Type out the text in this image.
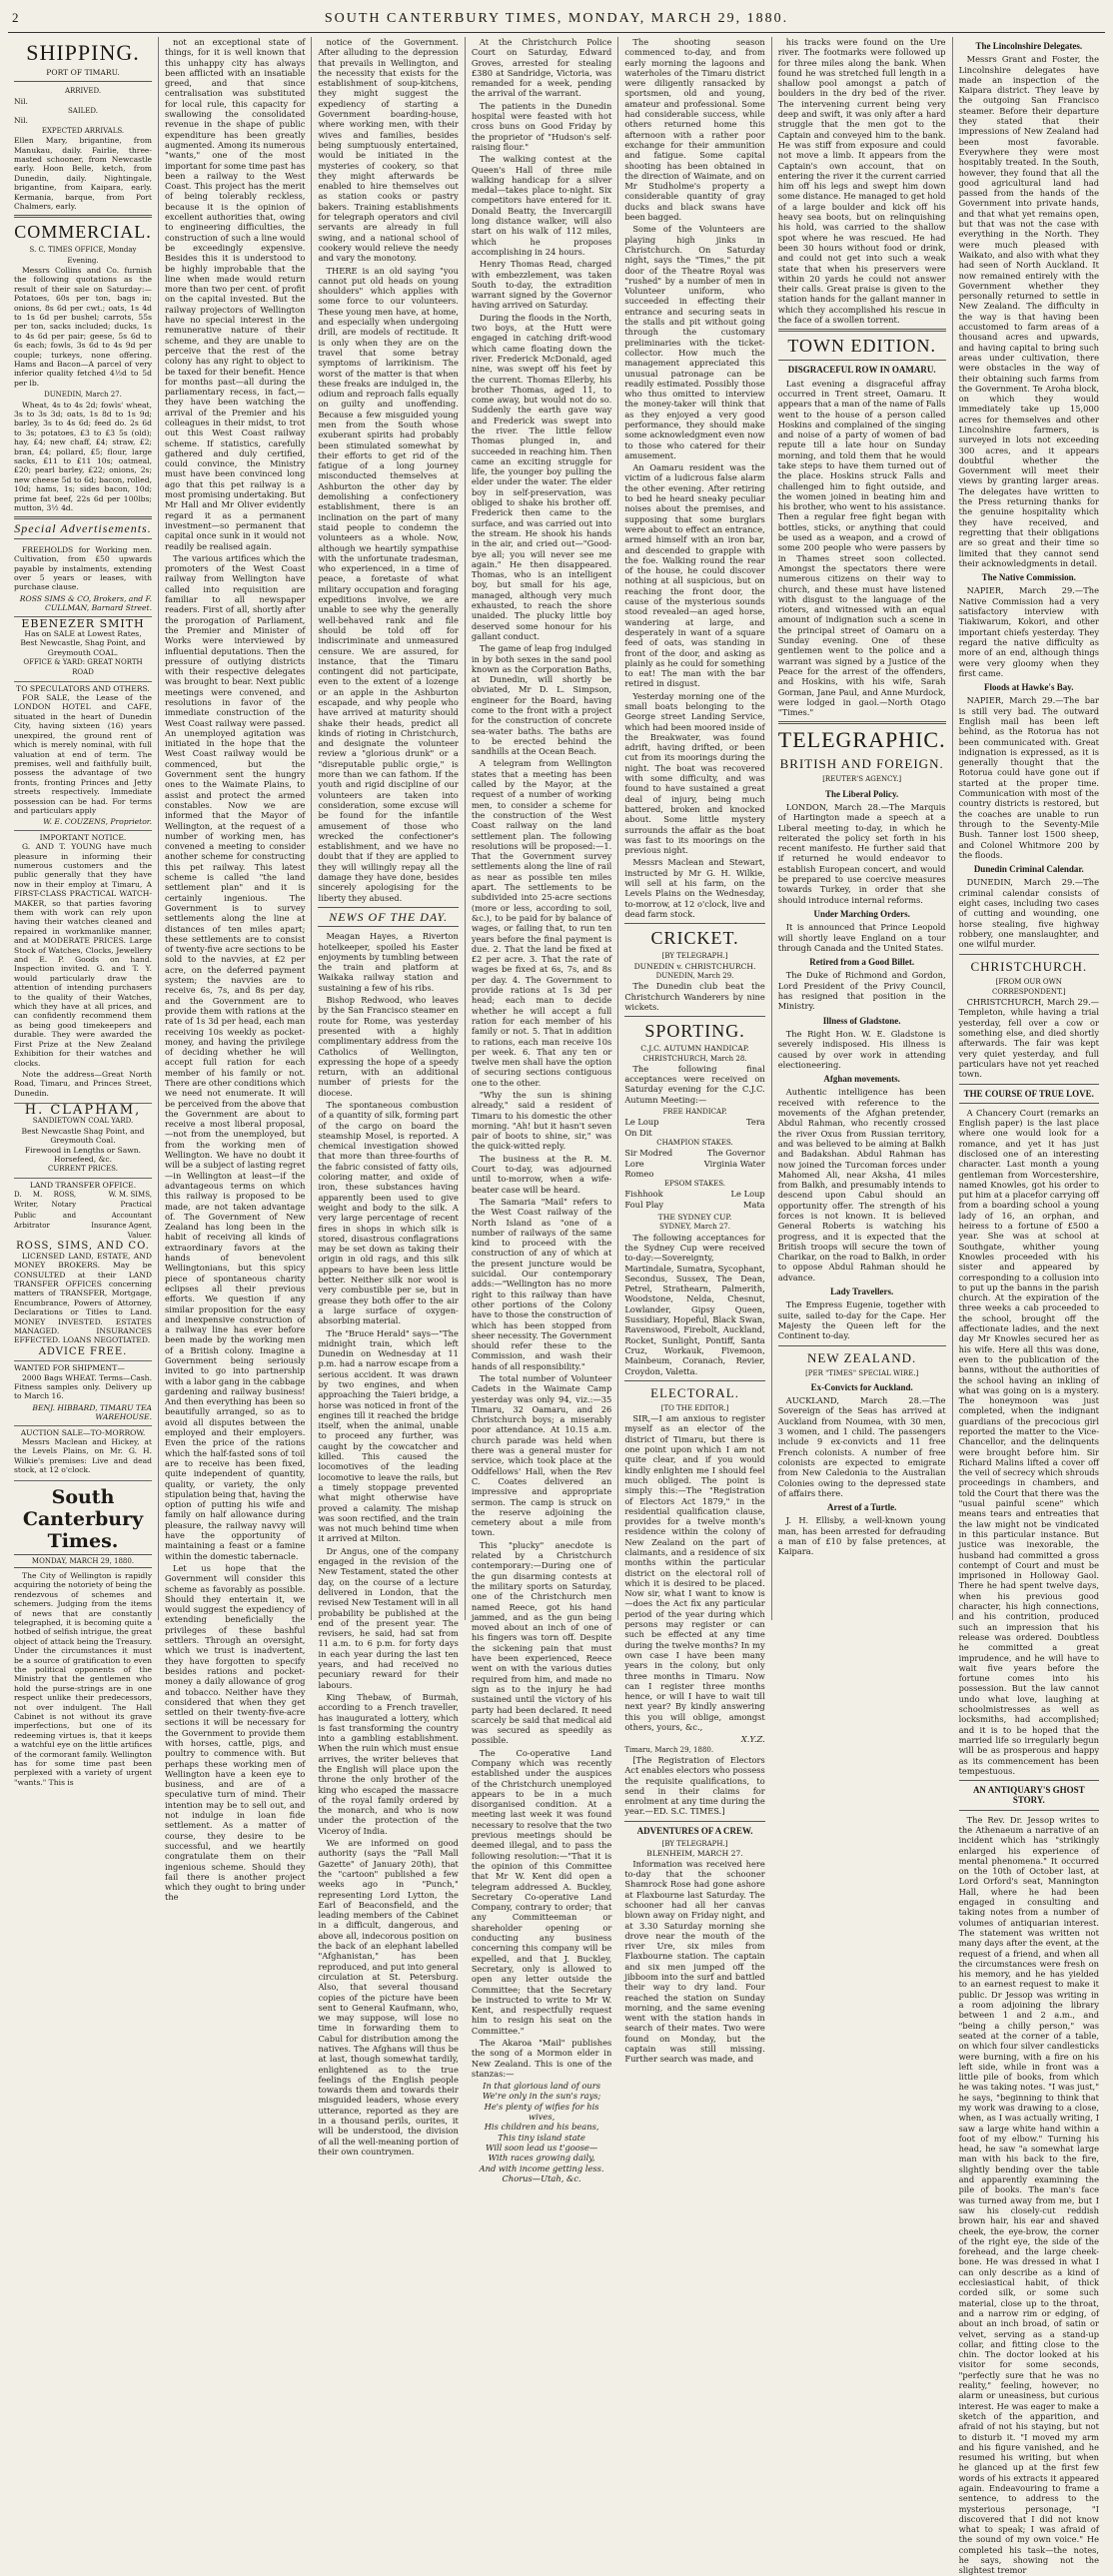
2	SOUTH CANTERBURY TIMES, MONDAY, MARCH 29, 1880.
SHIPPING.
PORT OF TIMARU.
ARRIVED.
Nil.
SAILED.
Nil.
EXPECTED ARRIVALS.

Ellen Mary, brigantine, from Manukau, daily. Fairlie, three-masted schooner, from Newcastle early. Hoon Belle, ketch, from Dunedin, daily. Nightingale, brigantine, from Kaipara, early. Kermania, barque, from Port Chalmers, early.

COMMERCIAL.
S. C. TIMES OFFICE, Monday Evening.

Messrs Collins and Co. furnish the following quotations as the result of their sale on Saturday:—Potatoes, 60s per ton, bags in; onions, 8s 6d per cwt.; oats, 1s 4d to 1s 6d per bushel; carrots, 55s per ton, sacks included; ducks, 1s to 4s 6d per pair; geese, 5s 6d to 6s each; fowls, 3s 6d to 4s 9d per couple; turkeys, none offering. Hams and Bacon—A parcel of very inferior quality fetched 4½d to 5d per lb.

DUNEDIN, March 27.

Wheat, 4s to 4s 2d; fowls' wheat, 3s to 3s 3d; oats, 1s 8d to 1s 9d; barley, 3s to 4s 6d; feed do. 2s 6d to 3s; potatoes, £3 to £3 5s (old); hay, £4; new chaff, £4; straw, £2; bran, £4; pollard, £5; flour, large sacks, £11 to £11 10s; oatmeal, £20; pearl barley, £22; onions, 2s; new cheese 5d to 6d; bacon, rolled, 10d; hams, 1s; sides bacon, 10d; prime fat beef, 22s 6d per 100lbs; mutton, 3½ 4d.

Special Advertisements.

FREEHOLDS for Working men. Cultivation, from £50 upwards payable by instalments, extending over 5 years or leases, with purchase clause.

ROSS SIMS & CO, Brokers, and F. CULLMAN, Barnard Street.
EBENEZER SMITH
Has on SALE at Lowest Rates,
Best Newcastle, Shag Point, and Greymouth COAL.
OFFICE & YARD: GREAT NORTH ROAD
TO SPECULATORS AND OTHERS.

FOR SALE, the Lease of the LONDON HOTEL and CAFE, situated in the heart of Dunedin City, having sixteen (16) years unexpired, the ground rent of which is merely nominal, with full valuation at end of term. The premises, well and faithfully built, possess the advantage of two fronts, fronting Princes and Jetty streets respectively. Immediate possession can be had. For terms and particulars apply

W. E. COUZENS, Proprietor.
IMPORTANT NOTICE.

G. AND T. YOUNG have much pleasure in informing their numerous customers and the public generally that they have now in their employ at Timaru, A FIRST-CLASS PRACTICAL WATCH-MAKER, so that parties favoring them with work can rely upon having their watches cleaned and repaired in workmanlike manner, and at MODERATE PRICES. Large Stock of Watches, Clocks, Jewellery and E. P. Goods on hand. Inspection invited. G. and T. Y. would particularly draw the attention of intending purchasers to the quality of their Watches, which they have at all prices, and can confidently recommend them as being good timekeepers and durable. They were awarded the First Prize at the New Zealand Exhibition for their watches and clocks.

Note the address—Great North Road, Timaru, and Princes Street, Dunedin.

H. CLAPHAM,
SANDIETOWN COAL YARD.
Best Newcastle Shag Point, and Greymouth Coal.
Firewood in Lengths or Sawn.
Horsefeed, &c.
CURRENT PRICES.
LAND TRANSFER OFFICE.
D. M. ROSS, Writer, Notary Public and Arbitrator
W. M. SIMS, Practical Accountant Insurance Agent, Valuer.
ROSS, SIMS, AND CO.

LICENSED LAND, ESTATE, AND MONEY BROKERS. May be CONSULTED at their LAND TRANSFER OFFICES concerning matters of TRANSFER, Mortgage, Encumbrance, Powers of Attorney, Declarations or Titles to Land. MONEY INVESTED. ESTATES MANAGED. INSURANCES EFFECTED. LOANS NEGOTIATED.

ADVICE FREE.
WANTED FOR SHIPMENT—

2000 Bags WHEAT. Terms—Cash. Fitness samples only. Delivery up to March 16.

BENJ. HIBBARD, TIMARU TEA WAREHOUSE.
AUCTION SALE—TO-MORROW.

Messrs Maclean and Hickey, at the Levels Plains, on Mr. G. H. Wilkie's premises: Live and dead stock, at 12 o'clock.

South Canterbury Times.
MONDAY, MARCH 29, 1880.

The City of Wellington is rapidly acquiring the notoriety of being the rendezvous of schemes and schemers. Judging from the items of news that are constantly telegraphed, it is becoming quite a hotbed of selfish intrigue, the great object of attack being the Treasury. Under the circumstances it must be a source of gratification to even the political opponents of the Ministry that the gentlemen who hold the purse-strings are in one respect unlike their predecessors, not over indulgent. The Hall Cabinet is not without its grave imperfections, but one of its redeeming virtues is, that it keeps a watchful eye on the little artifices of the cormorant family. Wellington has for some time past been perplexed with a variety of urgent "wants." This is

not an exceptional state of things, for it is well known that this unhappy city has always been afflicted with an insatiable greed, and that since centralisation was substituted for local rule, this capacity for swallowing the consolidated revenue in the shape of public expenditure has been greatly augmented. Among its numerous "wants," one of the most important for some time past has been a railway to the West Coast. This project has the merit of being tolerably reckless, because it is the opinion of excellent authorities that, owing to engineering difficulties, the construction of such a line would be exceedingly expensive. Besides this it is understood to be highly improbable that the line when made would return more than two per cent. of profit on the capital invested. But the railway projectors of Wellington have no special interest in the remunerative nature of their scheme, and they are unable to perceive that the rest of the colony has any right to object to be taxed for their benefit. Hence for months past—all during the parliamentary recess, in fact,—they have been watching the arrival of the Premier and his colleagues in their midst, to trot out this West Coast railway scheme. If statistics, carefully gathered and duly certified, could convince, the Ministry must have been convinced long ago that this pet railway is a most promising undertaking. But Mr Hall and Mr Oliver evidently regard it as a permanent investment—so permanent that capital once sunk in it would not readily be realised again.

The various artifices which the promoters of the West Coast railway from Wellington have called into requisition are familiar to all newspaper readers. First of all, shortly after the prorogation of Parliament, the Premier and Minister of Works were interviewed by influential deputations. Then the pressure of outlying districts with their respective delegates was brought to bear. Next public meetings were convened, and resolutions in favor of the immediate construction of the West Coast railway were passed. An unemployed agitation was initiated in the hope that the West Coast railway would be commenced, but the Government sent the hungry ones to the Waimate Plains, to assist and protect the armed constables. Now we are informed that the Mayor of Wellington, at the request of a number of working men, has convened a meeting to consider another scheme for constructing this pet railway. This latest scheme is called "the land settlement plan" and it is certainly ingenious. The Government is to survey settlements along the line at distances of ten miles apart; these settlements are to consist of twenty-five acre sections to be sold to the navvies, at £2 per acre, on the deferred payment system; the navvies are to receive 6s, 7s, and 8s per day, and the Government are to provide them with rations at the rate of 1s 3d per head, each man receiving 10s weekly as pocket-money, and having the privilege of deciding whether he will accept full ration for each member of his family or not. There are other conditions which we need not enumerate. It will be perceived from the above that the Government are about to receive a most liberal proposal,—not from the unemployed, but from the working men of Wellington. We have no doubt it will be a subject of lasting regret—in Wellington at least—if the advantageous terms on which this railway is proposed to be made, are not taken advantage of. The Government of New Zealand has long been in the habit of receiving all kinds of extraordinary favors at the hands of benevolent Wellingtonians, but this spicy piece of spontaneous charity eclipses all their previous efforts. We question if any similar proposition for the easy and inexpensive construction of a railway line has ever before been made by the working men of a British colony. Imagine a Government being seriously invited to go into partnership with a labor gang in the cabbage gardening and railway business! And then everything has been so beautifully arranged, so as to avoid all disputes between the employed and their employers. Even the price of the rations which the half-fasted sons of toil are to receive has been fixed, quite independent of quantity, quality, or variety, the only stipulation being that, having the option of putting his wife and family on half allowance during pleasure, the railway navvy will have the opportunity of maintaining a feast or a famine within the domestic tabernacle.

Let us hope that the Government will consider this scheme as favorably as possible. Should they entertain it, we would suggest the expediency of extending beneficially the privileges of these bashful settlers. Through an oversight, which we trust is inadvertent, they have forgotten to specify besides rations and pocket-money a daily allowance of grog and tobacco. Neither have they considered that when they get settled on their twenty-five-acre sections it will be necessary for the Government to provide them with horses, cattle, pigs, and poultry to commence with. But perhaps these working men of Wellington have a keen eye to business, and are of a speculative turn of mind. Their intention may be to sell out, and not indulge in loan fide settlement. As a matter of course, they desire to be successful, and we heartily congratulate them on their ingenious scheme. Should they fail there is another project which they ought to bring under the

notice of the Government. After alluding to the depression that prevails in Wellington, and the necessity that exists for the establishment of soup-kitchens, they might suggest the expediency of starting a Government boarding-house, where working men, with their wives and families, besides being sumptuously entertained, would be initiated in the mysteries of cookery, so that they might afterwards be enabled to hire themselves out as station cooks or pastry bakers. Training establishments for telegraph operators and civil servants are already in full swing, and a national school of cookery would relieve the needy and vary the monotony.

THERE is an old saying "you cannot put old heads on young shoulders" which applies with some force to our volunteers. These young men have, at home, and especially when undergoing drill, are models of rectitude. It is only when they are on the travel that some betray symptoms of larrikinism. The worst of the matter is that when these freaks are indulged in, the odium and reproach falls equally on guilty and unoffending. Because a few misguided young men from the South whose exuberant spirits had probably been stimulated somewhat by their efforts to get rid of the fatigue of a long journey misconducted themselves at Ashburton the other day by demolishing a confectionery establishment, there is an inclination on the part of many staid people to condemn the volunteers as a whole. Now, although we heartily sympathise with the unfortunate tradesman, who experienced, in a time of peace, a foretaste of what military occupation and foraging expeditions involve, we are unable to see why the generally well-behaved rank and file should be told off for indiscriminate and unmeasured censure. We are assured, for instance, that the Timaru contingent did not participate, even to the extent of a lozenge or an apple in the Ashburton escapade, and why people who have arrived at maturity should shake their heads, predict all kinds of rioting in Christchurch, and designate the volunteer review a "glorious drunk" or a "disreputable public orgie," is more than we can fathom. If the youth and rigid discipline of our volunteers are taken into consideration, some excuse will be found for the infantile amusement of those who wrecked the confectioner's establishment, and we have no doubt that if they are applied to they will willingly repay all the damage they have done, besides sincerely apologising for the liberty they abused.

NEWS OF THE DAY.

Meagan Hayes, a Riverton hotelkeeper, spoiled his Easter enjoyments by tumbling between the train and platform at Waikaka railway station and sustaining a few of his ribs.

Bishop Redwood, who leaves by the San Francisco steamer en route for Rome, was yesterday presented with a highly complimentary address from the Catholics of Wellington, expressing the hope of a speedy return, with an additional number of priests for the diocese.

The spontaneous combustion of a quantity of silk, forming part of the cargo on board the steamship Mosel, is reported. A chemical investigation showed that more than three-fourths of the fabric consisted of fatty oils, coloring matter, and oxide of iron, these substances having apparently been used to give weight and body to the silk. A very large percentage of recent fires in shops in which silk is stored, disastrous conflagrations may be set down as taking their origin in old rags, and this silk appears to have been less little better. Neither silk nor wool is very combustible per se, but in grease they both offer to the air a large surface of oxygen-absorbing material.

The "Bruce Herald" says—"The midnight train, which left Dunedin on Wednesday at 11 p.m. had a narrow escape from a serious accident. It was drawn by two engines, and when approaching the Taieri bridge, a horse was noticed in front of the engines till it reached the bridge itself, when the animal, unable to proceed any further, was caught by the cowcatcher and killed. This caused the locomotives of the leading locomotive to leave the rails, but a timely stoppage prevented what might otherwise have proved a calamity. The mishap was soon rectified, and the train was not much behind time when it arrived at Milton.

Dr Angus, one of the company engaged in the revision of the New Testament, stated the other day, on the course of a lecture delivered in London, that the revised New Testament will in all probability be published at the end of the present year. The revisers, he said, had sat from 11 a.m. to 6 p.m. for forty days in each year during the last ten years, and had received no pecuniary reward for their labours.

King Thebaw, of Burmah, according to a French traveller, has inaugurated a lottery, which is fast transforming the country into a gambling establishment. When the ruin which must ensue arrives, the writer believes that the English will place upon the throne the only brother of the king who escaped the massacre of the royal family ordered by the monarch, and who is now under the protection of the Viceroy of India.

We are informed on good authority (says the "Pall Mall Gazette" of January 20th), that the "cartoon" published a few weeks ago in "Punch," representing Lord Lytton, the Earl of Beaconsfield, and the leading members of the Cabinet in a difficult, dangerous, and above all, indecorous position on the back of an elephant labelled "Afghanistan," has been reproduced, and put into general circulation at St. Petersburg. Also, that several thousand copies of the picture have been sent to General Kaufmann, who, we may suppose, will lose no time in forwarding them to Cabul for distribution among the natives. The Afghans will thus be at last, though somewhat tardily, enlightened as to the true feelings of the English people towards them and towards their misguided leaders, whose every utterance, reported as they are in a thousand perils, ourites, it will be understood, the division of all the well-meaning portion of their own countrymen.

At the Christchurch Police Court on Saturday, Edward Groves, arrested for stealing £380 at Sandridge, Victoria, was remanded for a week, pending the arrival of the warrant.

The patients in the Dunedin hospital were feasted with hot cross buns on Good Friday by the proprietor of "Hudson's self-raising flour."

The walking contest at the Queen's Hall of three mile walking handicap for a silver medal—takes place to-night. Six competitors have entered for it. Donald Beatty, the Invercargill long distance walker, will also start on his walk of 112 miles, which he proposes accomplishing in 24 hours.

Henry Thomas Read, charged with embezzlement, was taken South to-day, the extradition warrant signed by the Governor having arrived on Saturday.

During the floods in the North, two boys, at the Hutt were engaged in catching drift-wood which came floating down the river. Frederick McDonald, aged nine, was swept off his feet by the current. Thomas Ellerby, his brother Thomas, aged 11, to come away, but would not do so. Suddenly the earth gave way and Frederick was swept into the river. The little fellow Thomas plunged in, and succeeded in reaching him. Then came an exciting struggle for life, the younger boy pulling the elder under the water. The elder boy in self-preservation, was obliged to shake his brother off. Frederick then came to the surface, and was carried out into the stream. He shook his hands in the air, and cried out—"Good-bye all; you will never see me again." He then disappeared. Thomas, who is an intelligent boy, but small for his age, managed, although very much exhausted, to reach the shore unaided. The plucky little boy deserved some honour for his gallant conduct.

The game of leap frog indulged in by both sexes in the sand pool known as the Corporation Baths, at Dunedin, will shortly be obviated, Mr D. L. Simpson, engineer for the Board, having come to the front with a project for the construction of concrete sea-water baths. The baths are to be erected behind the sandhills at the Ocean Beach.

A telegram from Wellington states that a meeting has been called by the Mayor, at the request of a number of working men, to consider a scheme for the construction of the West Coast railway on the land settlement plan. The following resolutions will be proposed:—1. That the Government survey settlements along the line of rail as near as possible ten miles apart. The settlements to be subdivided into 25-acre sections (more or less, according to soil, &c.), to be paid for by balance of wages, or failing that, to run ten years before the final payment is due. 2. That the land be fixed at £2 per acre. 3. That the rate of wages be fixed at 6s, 7s, and 8s per day. 4. The Government to provide rations at 1s 3d per head; each man to decide whether he will accept a full ration for each member of his family or not. 5. That in addition to rations, each man receive 10s per week. 6. That any ten or twelve men shall have the option of securing sections contiguous one to the other.

"Why the sun is shining already," said a resident of Timaru to his domestic the other morning. "Ah! but it hasn't seven pair of boots to shine, sir," was the quick-witted reply.

The business at the R. M. Court to-day, was adjourned until to-morrow, when a wife-beater case will be heard.

The Samaria "Mail" refers to the West Coast railway of the North Island as "one of a number of railways of the same kind to proceed with the construction of any of which at the present juncture would be suicidal. Our contemporary adds:—"Wellington has no more right to this railway than have other portions of the Colony have to those the construction of which has been stopped from sheer necessity. The Government should refer these to the Commission, and wash their hands of all responsibility."

The total number of Volunteer Cadets in the Waimate Camp yesterday was only 94, viz.:—35 Timaru, 32 Oamaru, and 26 Christchurch boys; a miserably poor attendance. At 10.15 a.m. church parade was held when there was a general muster for service, which took place at the Oddfellows' Hall, when the Rev C. Coates delivered an impressive and appropriate sermon. The camp is struck on the reserve adjoining the cemetery about a mile from town.

This "plucky" anecdote is related by a Christchurch contemporary:—During one of the gun disarming contests at the military sports on Saturday, one of the Christchurch men named Reece, got his hand jammed, and as the gun being moved about an inch of one of his fingers was torn off. Despite the sickening pain that must have been experienced, Reece went on with the various duties required from him, and made no sign as to the injury he had sustained until the victory of his party had been declared. It need scarcely be said that medical aid was secured as speedily as possible.

The Co-operative Land Company which was recently established under the auspices of the Christchurch unemployed appears to be in a much disorganised condition. At a meeting last week it was found necessary to resolve that the two previous meetings should be deemed illegal, and to pass the following resolution:—"That it is the opinion of this Committee that Mr W. Kent did open a telegram addressed A. Buckley, Secretary Co-operative Land Company, contrary to order; that any Committeeman or shareholder opening or conducting any business concerning this company will be expelled, and that J. Buckley, Secretary, only is allowed to open any letter outside the Committee; that the Secretary be instructed to write to Mr W. Kent, and respectfully request him to resign his seat on the Committee."

The Akaroa "Mail" publishes the song of a Mormon elder in New Zealand. This is one of the stanzas:—

In that glorious land of ours
We're only in the sun's rays;
He's plenty of wifies for his wives,
His children and his beans,
This tiny island state
Will soon lead us t'goose—
With races growing daily,
And with income getting less.
Chorus—Utah, &c.

The shooting season commenced to-day, and from early morning the lagoons and waterholes of the Timaru district were diligently ransacked by sportsmen, old and young, amateur and professional. Some had considerable success, while others returned home this afternoon with a rather poor exchange for their ammunition and fatigue. Some capital shooting has been obtained in the direction of Waimate, and on Mr Studholme's property a considerable quantity of gray ducks and black swans have been bagged.

Some of the Volunteers are playing high jinks in Christchurch. On Saturday night, says the "Times," the pit door of the Theatre Royal was "rushed" by a number of men in Volunteer uniform, who succeeded in effecting their entrance and securing seats in the stalls and pit without going through the customary preliminaries with the ticket-collector. How much the management appreciated this unusual patronage can be readily estimated. Possibly those who thus omitted to interview the money-taker will think that as they enjoyed a very good performance, they should make some acknowledgment even now to those who catered for their amusement.

An Oamaru resident was the victim of a ludicrous false alarm the other evening. After retiring to bed he heard sneaky peculiar noises about the premises, and supposing that some burglars were about to effect an entrance, armed himself with an iron bar, and descended to grapple with the foe. Walking round the rear of the house, he could discover nothing at all suspicious, but on reaching the front door, the cause of the mysterious sounds stood revealed—an aged horse, wandering at large, and desperately in want of a square feed of oats, was standing in front of the door, and asking as plainly as he could for something to eat! The man with the bar retired in disgust.

Yesterday morning one of the small boats belonging to the George street Landing Service, which had been moored inside of the Breakwater, was found adrift, having drifted, or been cut from its moorings during the night. The boat was recovered with some difficulty, and was found to have sustained a great deal of injury, being much battered, broken and knocked about. Some little mystery surrounds the affair as the boat was fast to its moorings on the previous night.

Messrs Maclean and Stewart, instructed by Mr G. H. Wilkie, will sell at his farm, on the Levels Plains on the Wednesday, to-morrow, at 12 o'clock, live and dead farm stock.

CRICKET.
[BY TELEGRAPH.]
DUNEDIN v. CHRISTCHURCH.
DUNEDIN, March 29.

The Dunedin club beat the Christchurch Wanderers by nine wickets.

SPORTING.
C.J.C. AUTUMN HANDICAP.
CHRISTCHURCH, March 28.

The following final acceptances were received on Saturday evening for the C.J.C. Autumn Meeting:—

FREE HANDICAP.
Le Loup	Tera
On Dit
CHAMPION STAKES.
Sir Modred	The Governor
Lore	Virginia Water
Romeo
EPSOM STAKES.
Fishhook	Le Loup
Foul Play	Mata
THE SYDNEY CUP.
SYDNEY, March 27.

The following acceptances for the Sydney Cup were received to-day:—Sovereignty, Martindale, Sumatra, Sycophant, Secondus, Sussex, The Dean, Petrel, Strathearn, Palmerith, Woodstone, Nelda, Chesnut, Lowlander, Gipsy Queen, Sussidiary, Hopeful, Black Swan, Ravenswood, Firebolt, Auckland, Rocket, Sunlight, Pontiff, Santa Cruz, Workauk, Fivemoon, Mainbeum, Coranach, Revier, Croydon, Valetta.

ELECTORAL.
[TO THE EDITOR.]

SIR,—I am anxious to register myself as an elector of the district of Timaru, but there is one point upon which I am not quite clear, and if you would kindly enlighten me I should feel much obliged. The point is simply this:—The "Registration of Electors Act 1879," in the residential qualification clause, provides for a twelve month's residence within the colony of New Zealand on the part of claimants, and a residence of six months within the particular district on the electoral roll of which it is desired to be placed. Now sir, what I want to know is—does the Act fix any particular period of the year during which persons may register or can such be effected at any time during the twelve months? In my own case I have been many years in the colony, but only three months in Timaru. Now can I register three months hence, or will I have to wait till next year? By kindly answering this you will oblige, amongst others, yours, &c.,

X.Y.Z.
Timaru, March 29, 1880.

[The Registration of Electors Act enables electors who possess the requisite qualifications, to send in their claims for enrolment at any time during the year.—ED. S.C. TIMES.]

ADVENTURES OF A CREW.
[BY TELEGRAPH.]
BLENHEIM, MARCH 27.

Information was received here to-day that the schooner Shamrock Rose had gone ashore at Flaxbourne last Saturday. The schooner had all her canvas blown away on Friday night, and at 3.30 Saturday morning she drove near the mouth of the river Ure, six miles from Flaxbourne station. The captain and six men jumped off the jibboom into the surf and battled their way to dry land. Four reached the station on Sunday morning, and the same evening went with the station hands in search of their mates. Two were found on Monday, but the captain was still missing. Further search was made, and

his tracks were found on the Ure river. The footmarks were followed up for three miles along the bank. When found he was stretched full length in a shallow pool amongst a patch of boulders in the dry bed of the river. The intervening current being very deep and swift, it was only after a hard struggle that the men got to the Captain and conveyed him to the bank. He was stiff from exposure and could not move a limb. It appears from the Captain's own account, that on entering the river it the current carried him off his legs and swept him down some distance. He managed to get hold of a large boulder and kick off his heavy sea boots, but on relinquishing his hold, was carried to the shallow spot where he was rescued. He had been 30 hours without food or drink, and could not get into such a weak state that when his preservers were within 20 yards he could not answer their calls. Great praise is given to the station hands for the gallant manner in which they accomplished his rescue in the face of a swollen torrent.

TOWN EDITION.
DISGRACEFUL ROW IN OAMARU.

Last evening a disgraceful affray occurred in Trent street, Oamaru. It appears that a man of the name of Falls went to the house of a person called Hoskins and complained of the singing and noise of a party of women of bad repute till a late hour on Sunday morning, and told them that he would take steps to have them turned out of the place. Hoskins struck Falls and challenged him to fight outside, and the women joined in beating him and his brother, who went to his assistance. Then a regular free fight began with bottles, sticks, or anything that could be used as a weapon, and a crowd of some 200 people who were passers by in Thames street soon collected. Amongst the spectators there were numerous citizens on their way to church, and these must have listened with disgust to the language of the rioters, and witnessed with an equal amount of indignation such a scene in the principal street of Oamaru on a Sunday evening. One of these gentlemen went to the police and a warrant was signed by a Justice of the Peace for the arrest of the offenders, and Hoskins, with his wife, Sarah Gorman, Jane Paul, and Anne Murdock, were lodged in gaol.—North Otago "Times."

TELEGRAPHIC.
BRITISH AND FOREIGN.
[REUTER'S AGENCY.]
The Liberal Policy.

LONDON, March 28.—The Marquis of Hartington made a speech at a Liberal meeting to-day, in which he reiterated the policy set forth in his recent manifesto. He further said that if returned he would endeavor to establish European concert, and would be prepared to use coercive measures towards Turkey, in order that she should introduce internal reforms.

Under Marching Orders.

It is announced that Prince Leopold will shortly leave England on a tour through Canada and the United States.

Retired from a Good Billet.

The Duke of Richmond and Gordon, Lord President of the Privy Council, has resigned that position in the Ministry.

Illness of Gladstone.

The Right Hon. W. E. Gladstone is severely indisposed. His illness is caused by over work in attending electioneering.

Afghan movements.

Authentic intelligence has been received with reference to the movements of the Afghan pretender, Abdul Rahman, who recently crossed the river Oxus from Russian territory, and was believed to be aiming at Balkh and Badakshan. Abdul Rahman has now joined the Turcoman forces under Mahomed Ali, near Aksha, 41 miles from Balkh, and presumably intends to descend upon Cabul should an opportunity offer. The strength of his forces is not known. It is believed General Roberts is watching his progress, and it is expected that the British troops will secure the town of Charikar, on the road to Balkh, in order to oppose Abdul Rahman should he advance.

Lady Travellers.

The Empress Eugenie, together with suite, sailed to-day for the Cape. Her Majesty the Queen left for the Continent to-day.

NEW ZEALAND.
[PER "TIMES" SPECIAL WIRE.]
Ex-Convicts for Auckland.

AUCKLAND, March 28.—The Sovereign of the Seas has arrived at Auckland from Noumea, with 30 men, 3 women, and 1 child. The passengers include 9 ex-convicts and 11 free French colonists. A number of free colonists are expected to emigrate from New Caledonia to the Australian Colonies owing to the depressed state of affairs there.

Arrest of a Turtle.

J. H. Ellisby, a well-known young man, has been arrested for defrauding a man of £10 by false pretences, at Kaipara.

The Lincolnshire Delegates.

Messrs Grant and Foster, the Lincolnshire delegates have made an inspection of the Kaipara district. They leave by the outgoing San Francisco steamer. Before their departure they stated that their impressions of New Zealand had been most favorable. Everywhere they were most hospitably treated. In the South, however, they found that all the good agricultural land had passed from the hands of the Government into private hands, and that what yet remains open, but that was not the case with everything in the North. They were much pleased with Waikato, and also with what they had seen of North Auckland. It now remained entirely with the Government whether they personally returned to settle in New Zealand. The difficulty in the way is that having been accustomed to farm areas of a thousand acres and upwards, and having capital to bring such areas under cultivation, there were obstacles in the way of their obtaining such farms from the Government. Te Aroha block, on which they would immediately take up 15,000 acres for themselves and other Lincolnshire farmers, is surveyed in lots not exceeding 300 acres, and it appears doubtful whether the Government will meet their views by granting larger areas. The delegates have written to the Press returning thanks for the genuine hospitality which they have received, and regretting that their obligations are so great and their time so limited that they cannot send their acknowledgments in detail.

The Native Commission.

NAPIER, March 29.—The Native Commission had a very satisfactory interview with Tiakiwarum, Kokori, and other important chiefs yesterday. They regard the native difficulty as more of an end, although things were very gloomy when they first came.

Floods at Hawke's Bay.

NAPIER, March 29.—The bar is still very bad. The outward English mail has been left behind, as the Rotorua has not been communicated with. Great indignation is expressed, as it is generally thought that the Rotorua could have gone out if started at the proper time. Communication with most of the country districts is restored, but the coaches are unable to run through to the Seventy-Mile Bush. Tanner lost 1500 sheep, and Colonel Whitmore 200 by the floods.

Dunedin Criminal Calendar.

DUNEDIN, March 29.—The criminal calendar consists of eight cases, including two cases of cutting and wounding, one horse stealing, five highway robbery, one manslaughter, and one wilful murder.

CHRISTCHURCH.
[FROM OUR OWN CORRESPONDENT.]

CHRISTCHURCH, March 29.—Templeton, while having a trial yesterday, fell over a cow or something else, and died shortly afterwards. The fair was kept very quiet yesterday, and full particulars have not yet reached town.

THE COURSE OF TRUE LOVE.

A Chancery Court (remarks an English paper) is the last place where one would look for a romance, and yet it has just disclosed one of an interesting character. Last month a young gentleman from Worcestershire, named Knowles, got his order to put him at a placefor carrying off from a boarding school a young lady of 16, an orphan, and heiress to a fortune of £500 a year. She was at school at Southgate, whither young Knowles proceeded with his sister and appeared by corresponding to a collusion into to put up the banns in the parish church. At the expiration of the three weeks a cab proceeded to the school, brought off the affectionate ladies, and the next day Mr Knowles secured her as his wife. Here all this was done, even to the publication of the banns, without the authorities of the school having an inkling of what was going on is a mystery. The honeymoon was just completed, when the indignant guardians of the precocious girl reported the matter to the Vice-Chancellor, and the delinquents were brought before him. Sir Richard Malins lifted a cover off the veil of secrecy which shrouds proceedings in chambers, and told the Court that there was the "usual painful scene" which means tears and entreaties that the law might not be vindicated in this particular instance. But justice was inexorable, the husband had committed a gross contempt of Court and must be imprisoned in Holloway Gaol. There he had spent twelve days, when his previous good character, his high connections, and his contrition, produced such an impression that his release was ordered. Doubtless he committed a great imprudence, and he will have to wait five years before the fortune comes into his possession. But the law cannot undo what love, laughing at schoolmistresses as well as locksmiths, had accomplished; and it is to be hoped that the married life so irregularly begun will be as prosperous and happy as its commencement has been tempestuous.

AN ANTIQUARY'S GHOST STORY.

The Rev. Dr. Jessop writes to the Athenaeum a narrative of an incident which has "strikingly enlarged his experience of mental phenomena." It occurred on the 10th of October last, at Lord Orford's seat, Mannington Hall, where he had been engaged in consulting and taking notes from a number of volumes of antiquarian interest. The statement was written not many days after the event, at the request of a friend, and when all the circumstances were fresh on his memory, and he has yielded to an earnest request to make it public. Dr Jessop was writing in a room adjoining the library between 1 and 2 a.m., and "being a chilly person," was seated at the corner of a table, on which four silver candlesticks were burning, with a fire on his left side, while in front was a little pile of books, from which he was taking notes. "I was just," he says, "beginning to think that my work was drawing to a close, when, as I was actually writing, I saw a large white hand within a foot of my elbow." Turning his head, he saw "a somewhat large man with his back to the fire, slightly bending over the table and apparently examining the pile of books. The man's face was turned away from me, but I saw his closely-cut reddish brown hair, his ear and shaved cheek, the eye-brow, the corner of the right eye, the side of the forehead, and the large cheek-bone. He was dressed in what I can only describe as a kind of ecclesiastical habit, of thick corded silk, or some such material, close up to the throat, and a narrow rim or edging, of about an inch broad, of satin or velvet, serving as a stand-up collar, and fitting close to the chin. The doctor looked at his visitor for some seconds, "perfectly sure that he was no reality," feeling, however, no alarm or uneasiness, but curious interest. He was eager to make a sketch of the apparition, and afraid of not his staying, but not to disturb it. "I moved my arm and his figure vanished, and he resumed his writing, but when he glanced up at the first few words of his extracts it appeared again. Endeavouring to frame a sentence, to address to the mysterious personage, "I discovered that I did not know what to speak; I was afraid of the sound of my own voice." He completed his task—the notes, he says, showing not the slightest tremor
